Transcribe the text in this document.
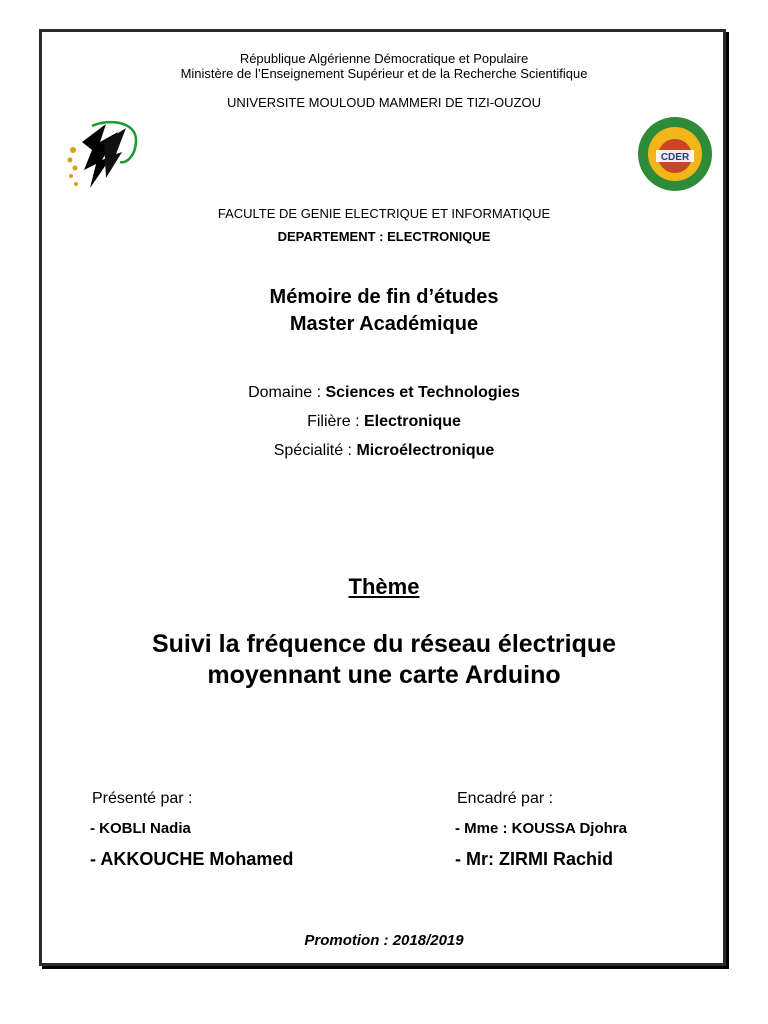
République Algérienne Démocratique et Populaire
Ministère de l’Enseignement Supérieur et de la Recherche Scientifique
UNIVERSITE MOULOUD MAMMERI DE TIZI-OUZOU
CDER
FACULTE DE GENIE ELECTRIQUE ET INFORMATIQUE
DEPARTEMENT : ELECTRONIQUE
Mémoire de fin d’études
Master Académique
Domaine : Sciences et Technologies
Filière : Electronique
Spécialité : Microélectronique
Thème
Suivi la fréquence du réseau électrique
moyennant une carte Arduino
Présenté par :	Encadré par :
- KOBLI Nadia
- AKKOUCHE Mohamed
- Mme : KOUSSA Djohra
- Mr: ZIRMI Rachid
Promotion : 2018/2019
